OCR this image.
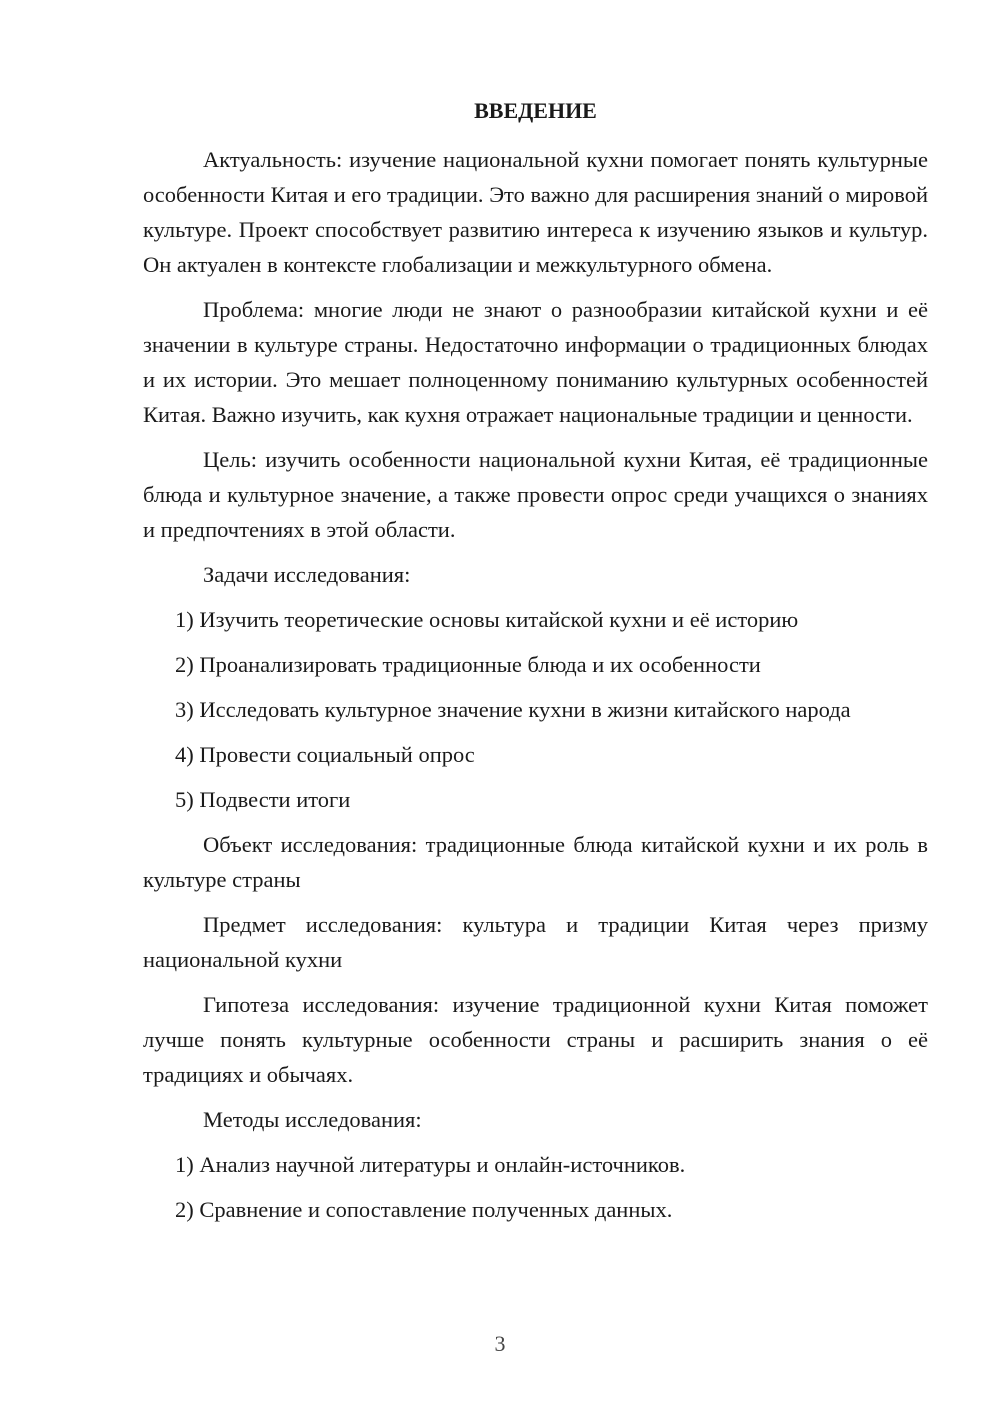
ВВЕДЕНИЕ

Актуальность: изучение национальной кухни помогает понять культурные особенности Китая и его традиции. Это важно для расширения знаний о мировой культуре. Проект способствует развитию интереса к изучению языков и культур. Он актуален в контексте глобализации и межкультурного обмена.

Проблема: многие люди не знают о разнообразии китайской кухни и её значении в культуре страны. Недостаточно информации о традиционных блюдах и их истории. Это мешает полноценному пониманию культурных особенностей Китая. Важно изучить, как кухня отражает национальные традиции и ценности.

Цель: изучить особенности национальной кухни Китая, её традиционные блюда и культурное значение, а также провести опрос среди учащихся о знаниях и предпочтениях в этой области.

Задачи исследования:

1) Изучить теоретические основы китайской кухни и её историю
2) Проанализировать традиционные блюда и их особенности
3) Исследовать культурное значение кухни в жизни китайского народа
4) Провести социальный опрос
5) Подвести итоги

Объект исследования: традиционные блюда китайской кухни и их роль в культуре страны

Предмет исследования: культура и традиции Китая через призму национальной кухни

Гипотеза исследования: изучение традиционной кухни Китая поможет лучше понять культурные особенности страны и расширить знания о её традициях и обычаях.

Методы исследования:

1) Анализ научной литературы и онлайн-источников.
2) Сравнение и сопоставление полученных данных.
3
